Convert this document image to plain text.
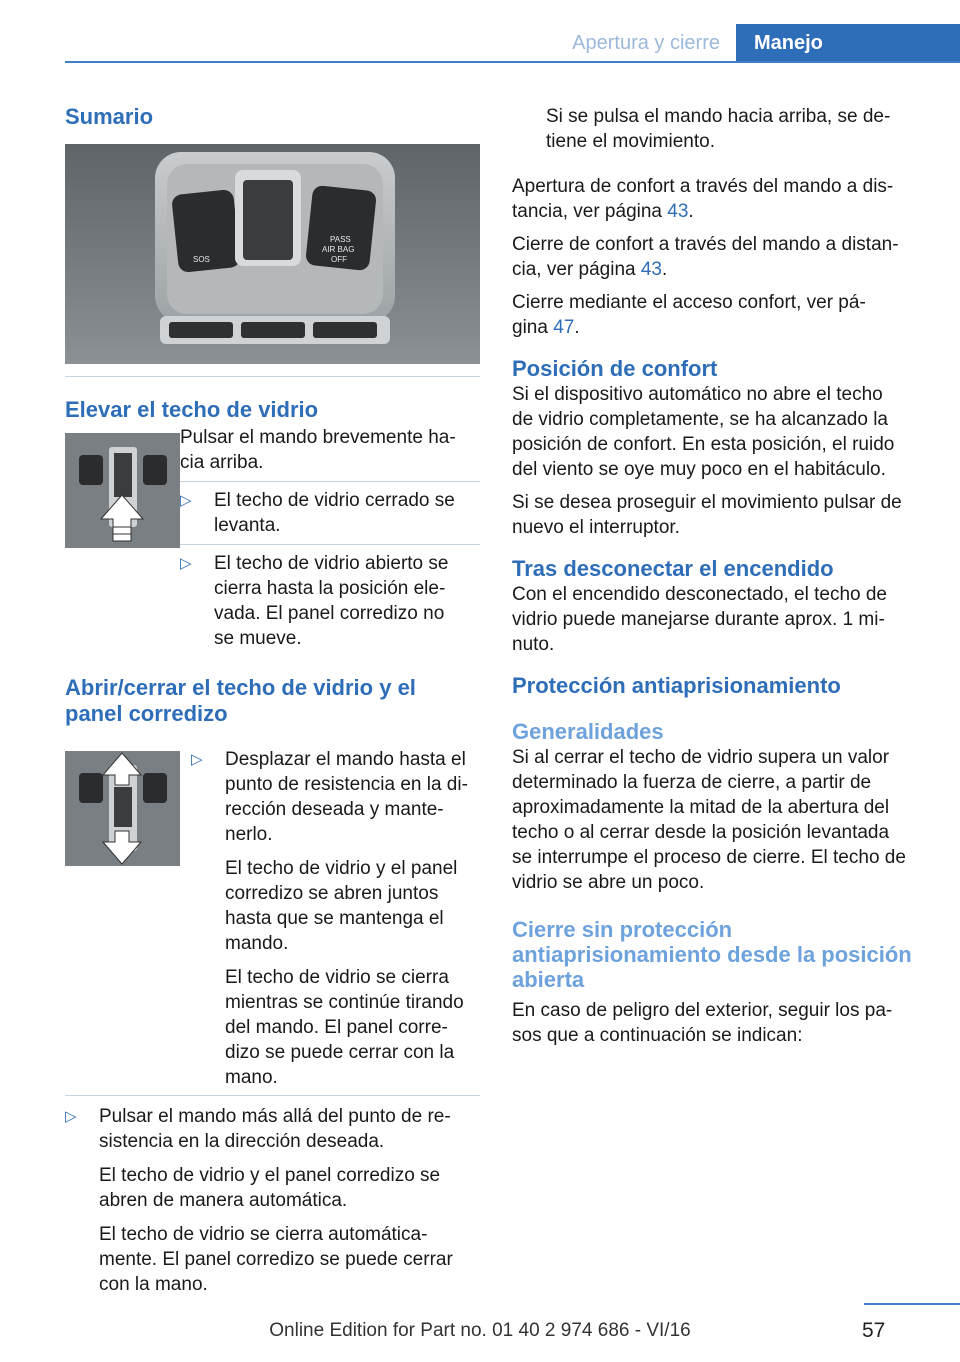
Apertura y cierre	Manejo
Sumario
SOS
PASS
AIR BAG
OFF
Elevar el techo de vidrio

Pulsar el mando brevemente ha-

cia arriba.

▷ El techo de vidrio cerrado se

levanta.

▷ El techo de vidrio abierto se

cierra hasta la posición ele-

vada. El panel corredizo no

se mueve.

Abrir/cerrar el techo de vidrio y el
panel corredizo
▷ Desplazar el mando hasta el

punto de resistencia en la di-

rección deseada y mante-

nerlo.

El techo de vidrio y el panel

corredizo se abren juntos

hasta que se mantenga el

mando.

El techo de vidrio se cierra

mientras se continúe tirando

del mando. El panel corre-

dizo se puede cerrar con la

mano.

▷ Pulsar el mando más allá del punto de re-

sistencia en la dirección deseada.

El techo de vidrio y el panel corredizo se

abren de manera automática.

El techo de vidrio se cierra automática-

mente. El panel corredizo se puede cerrar

con la mano.

Si se pulsa el mando hacia arriba, se de-

tiene el movimiento.

Apertura de confort a través del mando a dis-

tancia, ver página 43.

Cierre de confort a través del mando a distan-

cia, ver página 43.

Cierre mediante el acceso confort, ver pá-

gina 47.

Posición de confort

Si el dispositivo automático no abre el techo

de vidrio completamente, se ha alcanzado la

posición de confort. En esta posición, el ruido

del viento se oye muy poco en el habitáculo.

Si se desea proseguir el movimiento pulsar de

nuevo el interruptor.

Tras desconectar el encendido

Con el encendido desconectado, el techo de

vidrio puede manejarse durante aprox. 1 mi-

nuto.

Protección antiaprisionamiento
Generalidades

Si al cerrar el techo de vidrio supera un valor

determinado la fuerza de cierre, a partir de

aproximadamente la mitad de la abertura del

techo o al cerrar desde la posición levantada

se interrumpe el proceso de cierre. El techo de

vidrio se abre un poco.

Cierre sin protección
antiaprisionamiento desde la posición
abierta

En caso de peligro del exterior, seguir los pa-

sos que a continuación se indican:

Online Edition for Part no. 01 40 2 974 686 - VI/16	57
